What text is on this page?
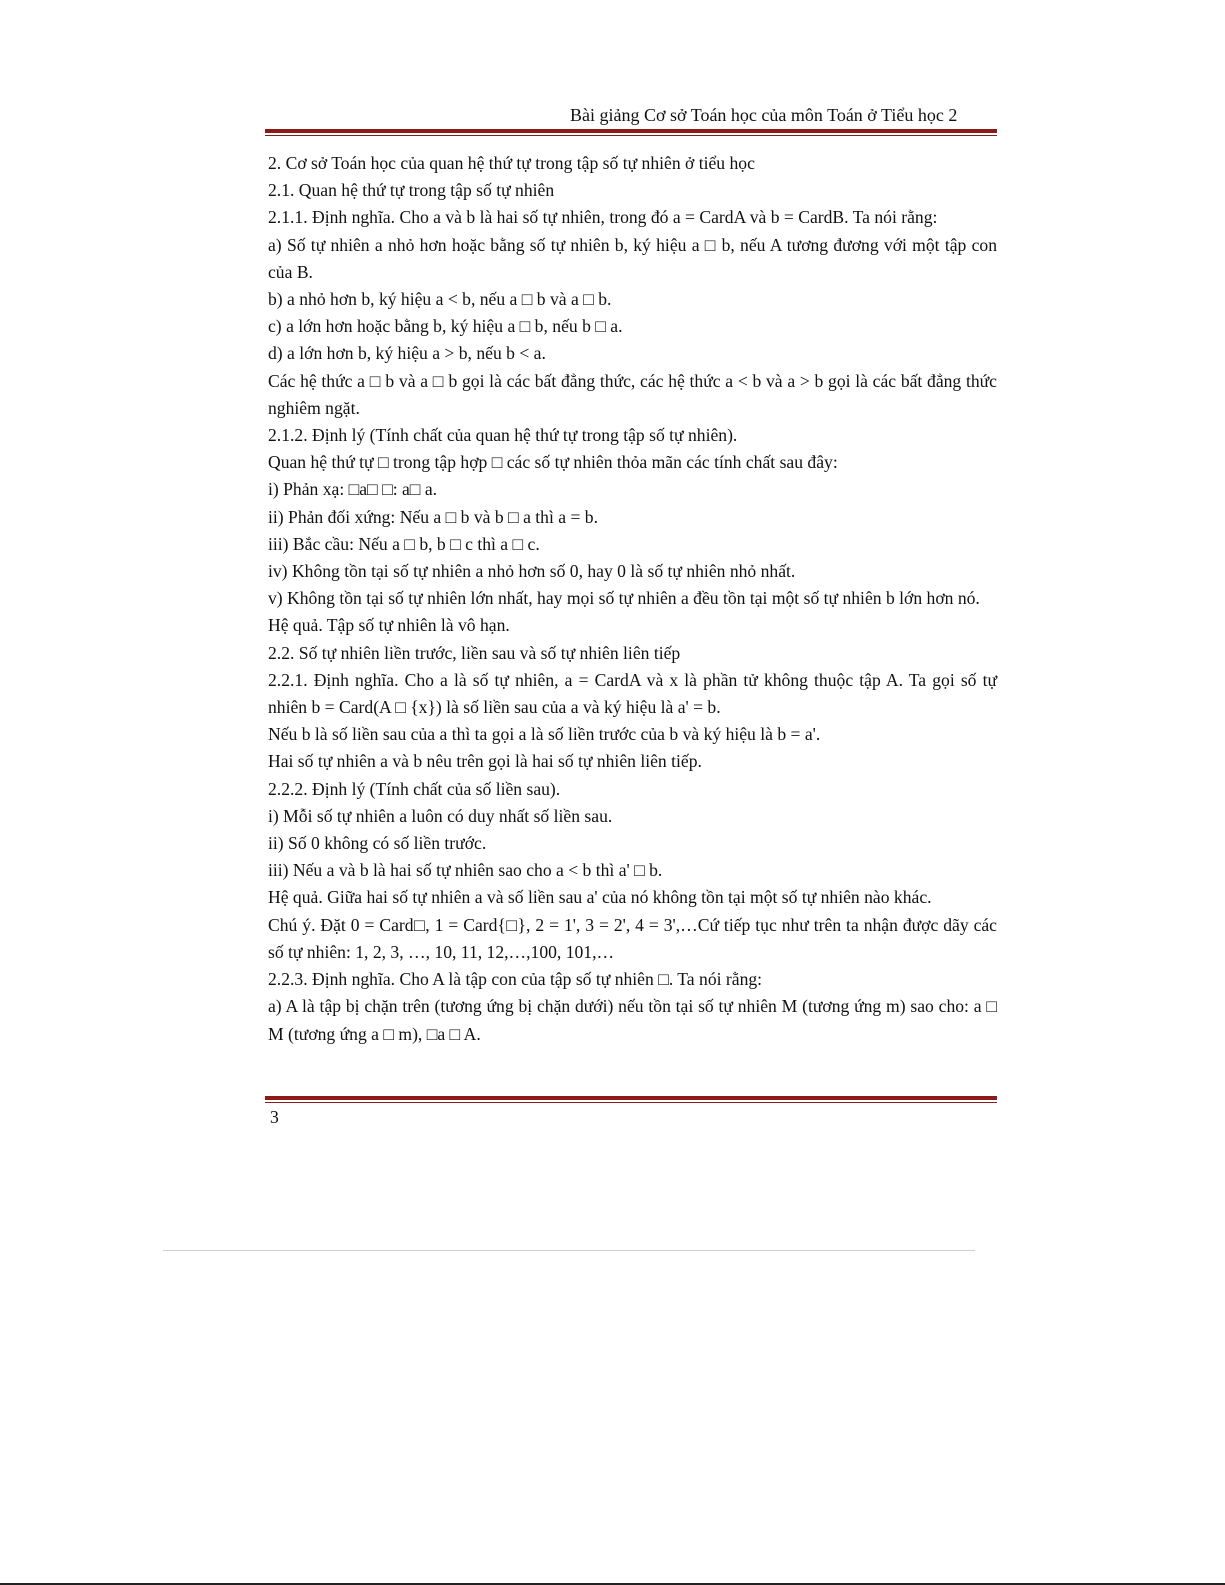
Bài giảng Cơ sở Toán học của môn Toán ở Tiểu học 2

2. Cơ sở Toán học của quan hệ thứ tự trong tập số tự nhiên ở tiểu học

2.1. Quan hệ thứ tự trong tập số tự nhiên

2.1.1. Định nghĩa. Cho a và b là hai số tự nhiên, trong đó a = CardA và b = CardB. Ta nói rằng:

a) Số tự nhiên a nhỏ hơn hoặc bằng số tự nhiên b, ký hiệu a □ b, nếu A tương đương với một tập con của B.

b) a nhỏ hơn b, ký hiệu a < b, nếu a □ b và a □ b.

c) a lớn hơn hoặc bằng b, ký hiệu a □ b, nếu b □ a.

d) a lớn hơn b, ký hiệu a > b, nếu b < a.

Các hệ thức a □ b và a □ b gọi là các bất đẳng thức, các hệ thức a < b và a > b gọi là các bất đẳng thức nghiêm ngặt.

2.1.2. Định lý (Tính chất của quan hệ thứ tự trong tập số tự nhiên).

Quan hệ thứ tự □ trong tập hợp □ các số tự nhiên thỏa mãn các tính chất sau đây:

i) Phản xạ: □a□ □: a□ a.

ii) Phản đối xứng: Nếu a □ b và b □ a thì a = b.

iii) Bắc cầu: Nếu a □ b, b □ c thì a □ c.

iv) Không tồn tại số tự nhiên a nhỏ hơn số 0, hay 0 là số tự nhiên nhỏ nhất.

v) Không tồn tại số tự nhiên lớn nhất, hay mọi số tự nhiên a đều tồn tại một số tự nhiên b lớn hơn nó.

Hệ quả. Tập số tự nhiên là vô hạn.

2.2. Số tự nhiên liền trước, liền sau và số tự nhiên liên tiếp

2.2.1. Định nghĩa. Cho a là số tự nhiên, a = CardA và x là phần tử không thuộc tập A. Ta gọi số tự nhiên b = Card(A □ {x}) là số liền sau của a và ký hiệu là a' = b.

Nếu b là số liền sau của a thì ta gọi a là số liền trước của b và ký hiệu là b = a'.

Hai số tự nhiên a và b nêu trên gọi là hai số tự nhiên liên tiếp.

2.2.2. Định lý (Tính chất của số liền sau).

i) Mỗi số tự nhiên a luôn có duy nhất số liền sau.

ii) Số 0 không có số liền trước.

iii) Nếu a và b là hai số tự nhiên sao cho a < b thì a' □ b.

Hệ quả. Giữa hai số tự nhiên a và số liền sau a' của nó không tồn tại một số tự nhiên nào khác.

Chú ý. Đặt 0 = Card□, 1 = Card{□}, 2 = 1', 3 = 2', 4 = 3',…Cứ tiếp tục như trên ta nhận được dãy các số tự nhiên: 1, 2, 3, …, 10, 11, 12,…,100, 101,…

2.2.3. Định nghĩa. Cho A là tập con của tập số tự nhiên □. Ta nói rằng:

a) A là tập bị chặn trên (tương ứng bị chặn dưới) nếu tồn tại số tự nhiên M (tương ứng m) sao cho: a □ M (tương ứng a □ m), □a □ A.

3
